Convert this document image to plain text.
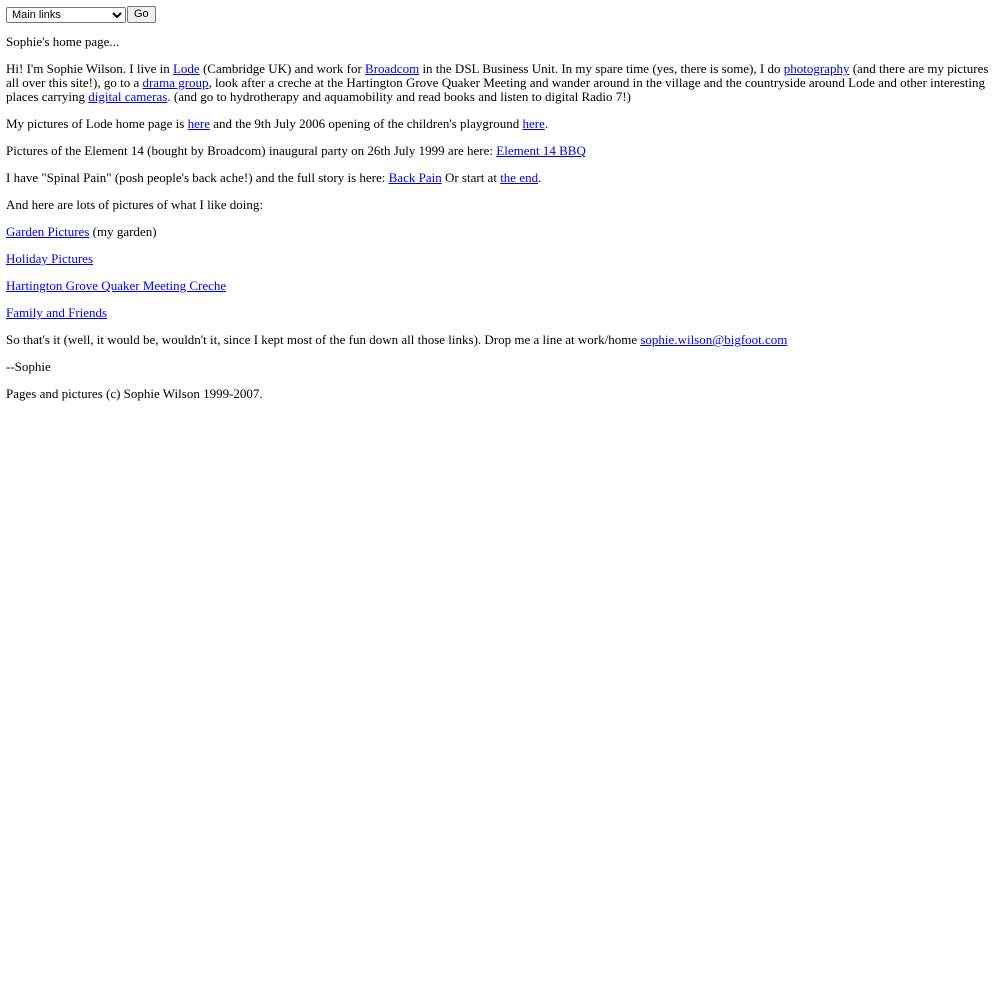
Main links
Go

Sophie's home page...

Hi! I'm Sophie Wilson. I live in Lode (Cambridge UK) and work for Broadcom in the DSL Business Unit. In my spare time (yes, there is some), I do photography (and there are my pictures all over this site!), go to a drama group, look after a creche at the Hartington Grove Quaker Meeting and wander around in the village and the countryside around Lode and other interesting places carrying digital cameras. (and go to hydrotherapy and aquamobility and read books and listen to digital Radio 7!)

My pictures of Lode home page is here and the 9th July 2006 opening of the children's playground here.

Pictures of the Element 14 (bought by Broadcom) inaugural party on 26th July 1999 are here: Element 14 BBQ

I have "Spinal Pain" (posh people's back ache!) and the full story is here: Back Pain Or start at the end.

And here are lots of pictures of what I like doing:

Garden Pictures (my garden)

Holiday Pictures

Hartington Grove Quaker Meeting Creche

Family and Friends

So that's it (well, it would be, wouldn't it, since I kept most of the fun down all those links). Drop me a line at work/home sophie.wilson@bigfoot.com

--Sophie

Pages and pictures (c) Sophie Wilson 1999-2007.
